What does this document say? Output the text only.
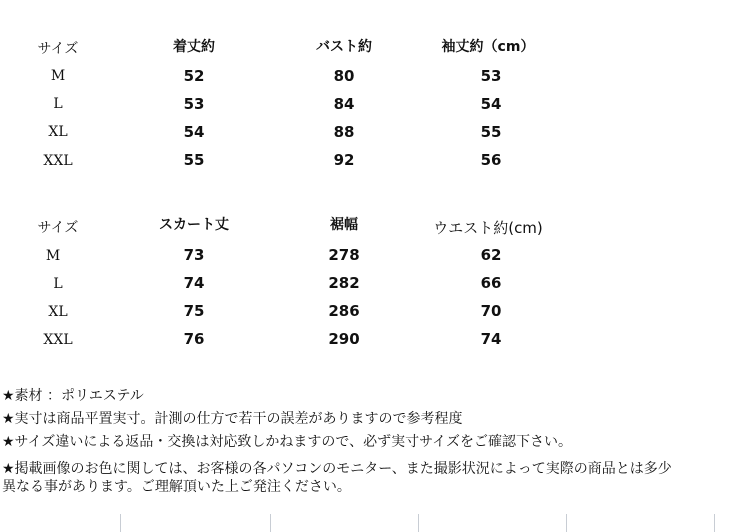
サイズ	着丈約	バスト約	袖丈約（cm）
M	52	80	53
L	53	84	54
XL	54	88	55
XXL	55	92	56
サイズ	スカート丈	裾幅	ウエスト約(cm)
M	73	278	62
L	74	282	66
XL	75	286	70
XXL	76	290	74
★素材 ：ポリエステル
★実寸は商品平置実寸。計測の仕方で若干の誤差がありますので参考程度
★サイズ違いによる返品・交換は対応致しかねますので、必ず実寸サイズをご確認下さい。
★掲載画像のお色に関しては、お客様の各パソコンのモニター、また撮影状況によって実際の商品とは多少
異なる事があります。ご理解頂いた上ご発注ください。
